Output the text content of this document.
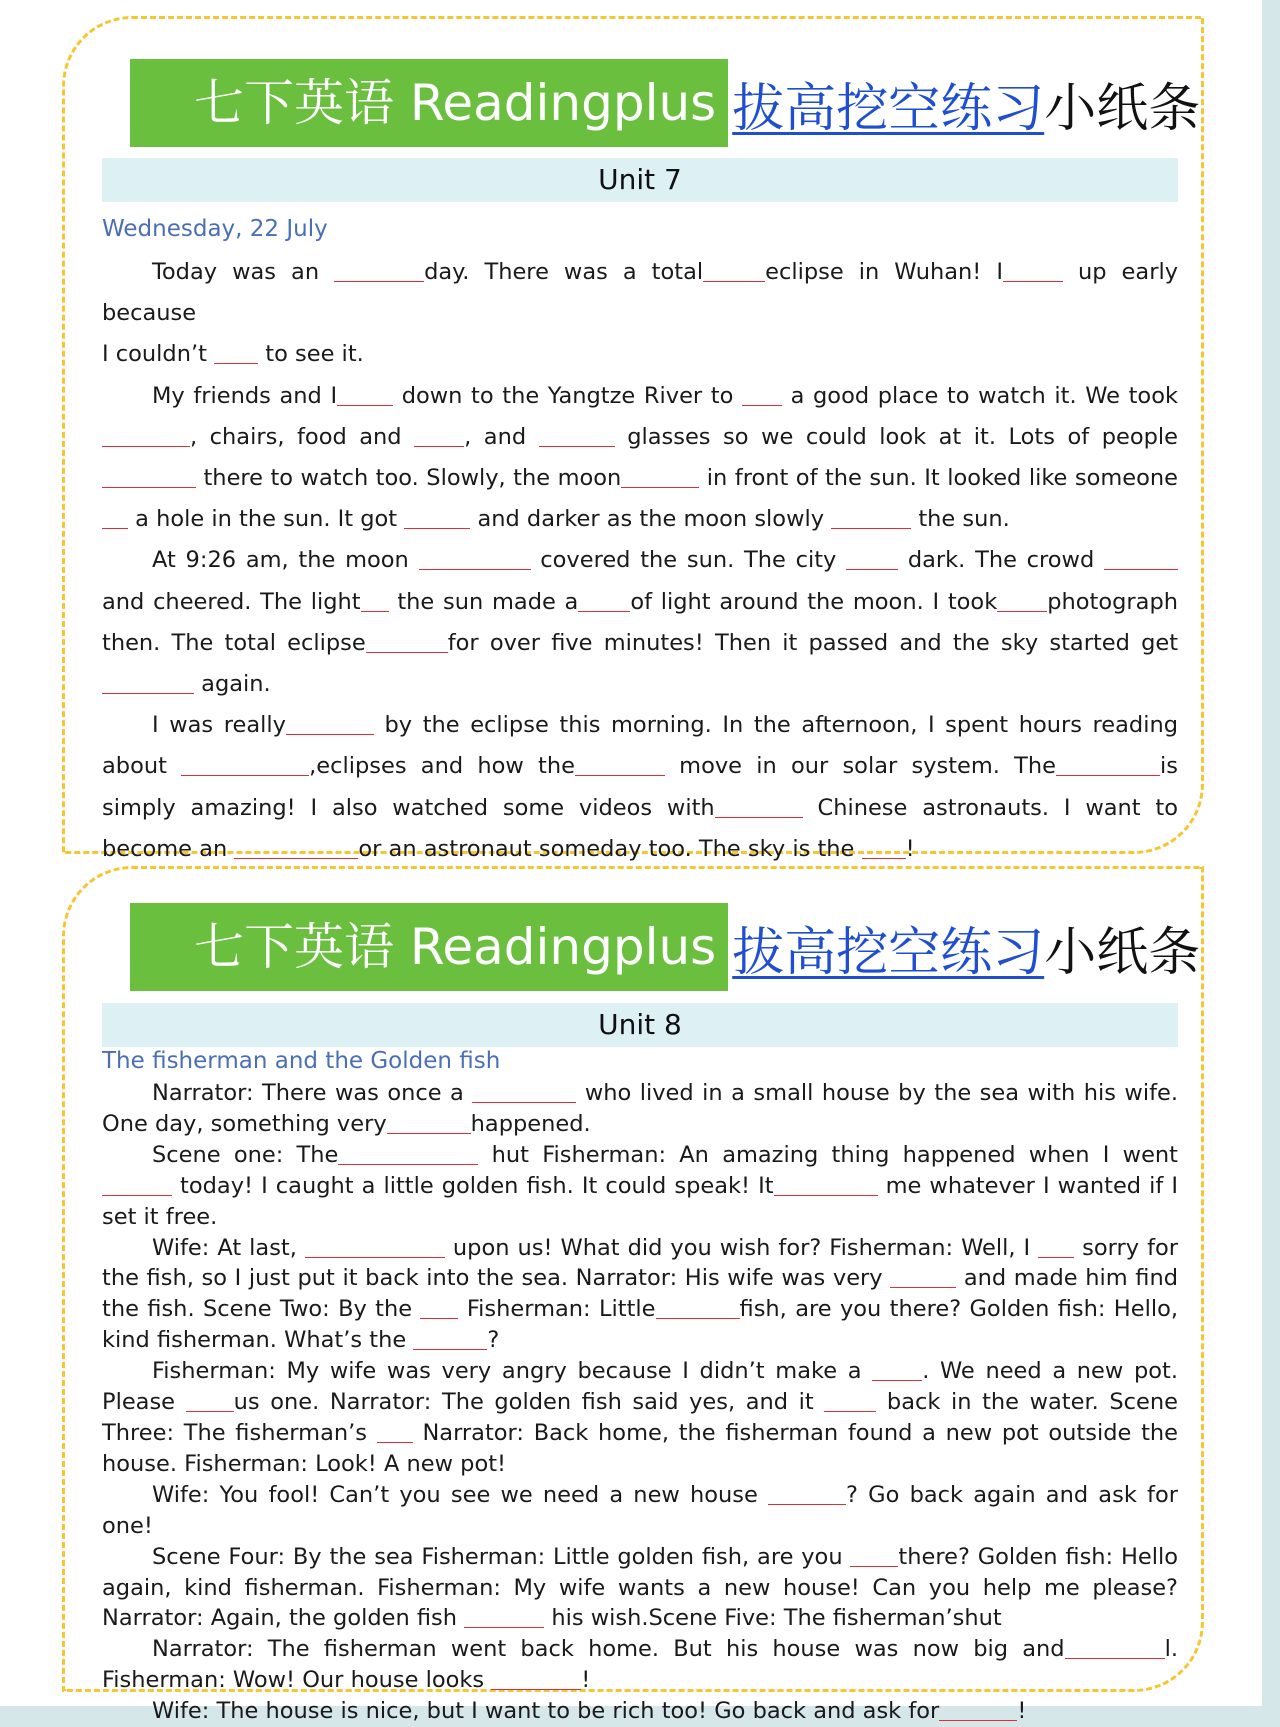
七下英语 Readingplus 拔高挖空练习 小纸条
Unit 7
Wednesday, 22 July

Today was an	day. There was a total	eclipse in Wuhan! I	up early because

I couldn’t  to see it.

My friends and I down to the Yangtze River to  a good place to watch it. We took , chairs, food and , and	glasses so we could look at it. Lots of people  there to watch too. Slowly, the moon	in front of the sun. It looked like someone  a hole in the sun. It got	and darker as the moon slowly	the sun.

At 9:26 am, the moon	covered the sun. The city  dark. The crowd  and cheered. The light the sun made a of light around the moon. I took photograph then. The total eclipse	for over five minutes! Then it passed and the sky started get again.

I was really	by the eclipse this morning. In the afternoon, I spent hours reading about	,eclipses and how the	move in our solar system. The	is simply amazing! I also watched some videos with	Chinese astronauts. I want to become an	or an astronaut someday too. The sky is the !

七下英语 Readingplus 拔高挖空练习 小纸条
Unit 8
The fisherman and the Golden fish

Narrator: There was once a	who lived in a small house by the sea with his wife. One day, something very	happened.

Scene one: The	hut Fisherman: An amazing thing happened when I went  today! I caught a little golden fish. It could speak! It	me whatever I wanted if I set it free.

Wife: At last,	upon us! What did you wish for? Fisherman: Well, I  sorry for the fish, so I just put it back into the sea. Narrator: His wife was very	and made him find the fish. Scene Two: By the  Fisherman: Little	fish, are you there? Golden fish: Hello, kind fisherman. What’s the	?

Fisherman: My wife was very angry because I didn’t make a . We need a new pot. Please us one. Narrator: The golden fish said yes, and it  back in the water. Scene Three: The fisherman’s  Narrator: Back home, the fisherman found a new pot outside the house. Fisherman: Look! A new pot!

Wife: You fool! Can’t you see we need a new house	? Go back again and ask for one!

Scene Four: By the sea Fisherman: Little golden fish, are you there? Golden fish: Hello again, kind fisherman. Fisherman: My wife wants a new house! Can you help me please? Narrator: Again, the golden fish	his wish.Scene Five: The fisherman’shut

Narrator: The fisherman went back home. But his house was now big and	l. Fisherman: Wow! Our house looks	!

Wife: The house is nice, but I want to be rich too! Go back and ask for	!
